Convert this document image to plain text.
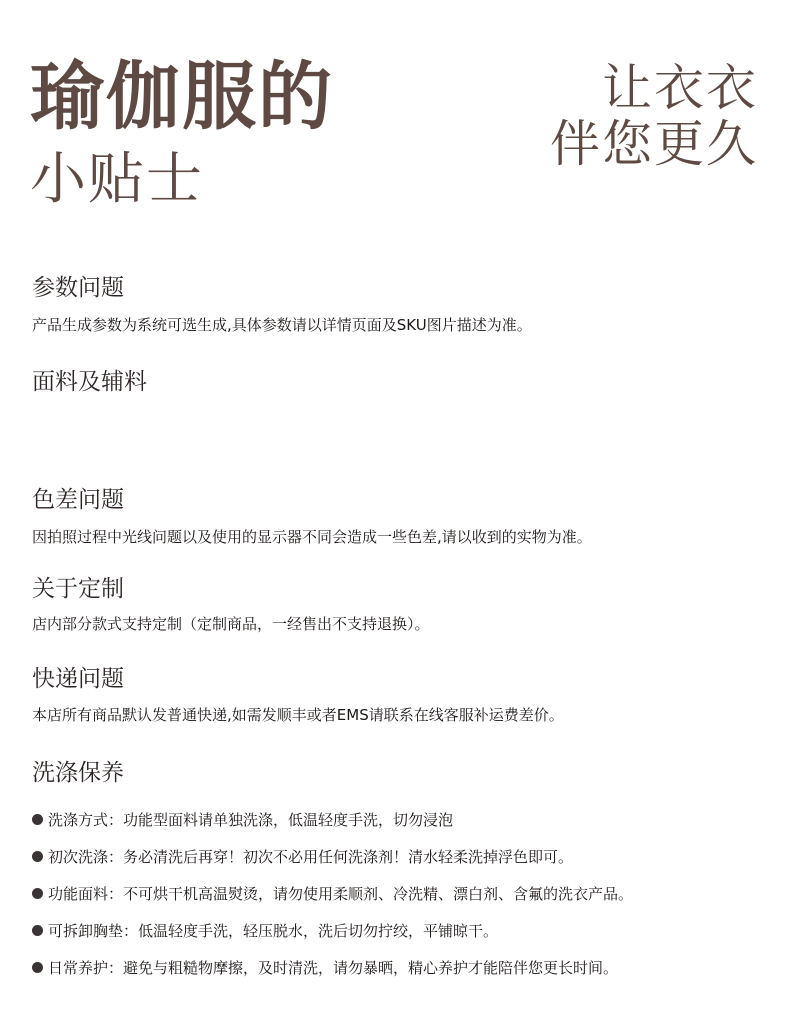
瑜伽服的
小贴士
让衣衣
伴您更久
参数问题
产品生成参数为系统可选生成,具体参数请以详情页面及SKU图片描述为准。
面料及辅料
色差问题
因拍照过程中光线问题以及使用的显示器不同会造成一些色差,请以收到的实物为准。
关于定制
店内部分款式支持定制（定制商品，一经售出不支持退换）。
快递问题
本店所有商品默认发普通快递,如需发顺丰或者EMS请联系在线客服补运费差价。
洗涤保养
洗涤方式：功能型面料请单独洗涤，低温轻度手洗，切勿浸泡
初次洗涤：务必清洗后再穿！初次不必用任何洗涤剂！清水轻柔洗掉浮色即可。
功能面料：不可烘干机高温熨烫，请勿使用柔顺剂、冷洗精、漂白剂、含氟的洗衣产品。
可拆卸胸垫：低温轻度手洗，轻压脱水，洗后切勿拧绞，平铺晾干。
日常养护：避免与粗糙物摩擦，及时清洗，请勿暴晒，精心养护才能陪伴您更长时间。
